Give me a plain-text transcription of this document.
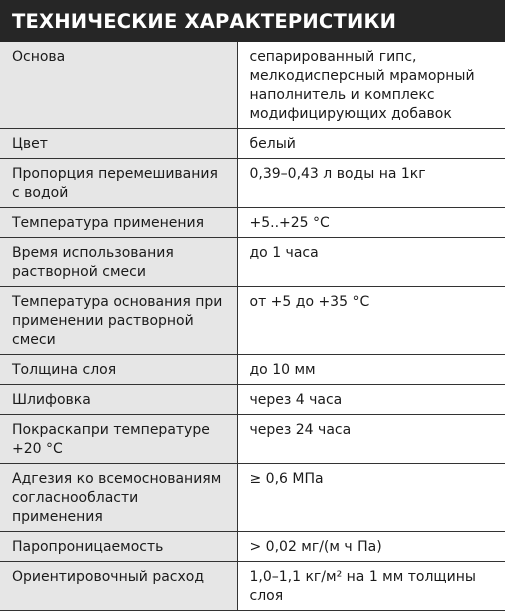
ТЕХНИЧЕСКИЕ ХАРАКТЕРИСТИКИ
Основа	сепарированный гипс, мелкодисперсный мраморный наполнитель и комплекс модифицирующих добавок
Цвет	белый
Пропорция перемешивания с водой	0,39–0,43 л воды на 1кг
Температура применения	+5..+25 °С
Время использования растворной смеси	до 1 часа
Температура основания при применении растворной смеси	от +5 до +35 °С
Толщина слоя	до 10 мм
Шлифовка	через 4 часа
Покраскапри температуре +20 °С	через 24 часа
Адгезия ко всемоснованиям согласнообласти применения	≥ 0,6 МПа
Паропроницаемость	> 0,02 мг/(м ч Па)
Ориентировочный расход	1,0–1,1 кг/м² на 1 мм толщины слоя
